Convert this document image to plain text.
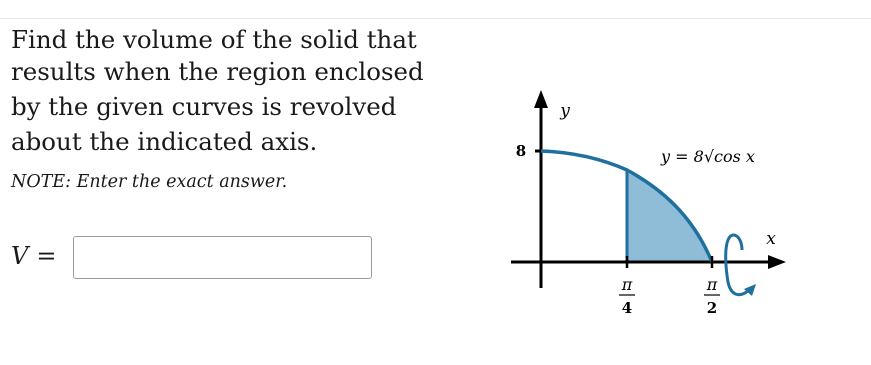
Find the volume of the solid that
results when the region enclosed
by the given curves is revolved
about the indicated axis.
NOTE: Enter the exact answer.
V =
y
x
8	y = 8√cos x
π
4
π
2
